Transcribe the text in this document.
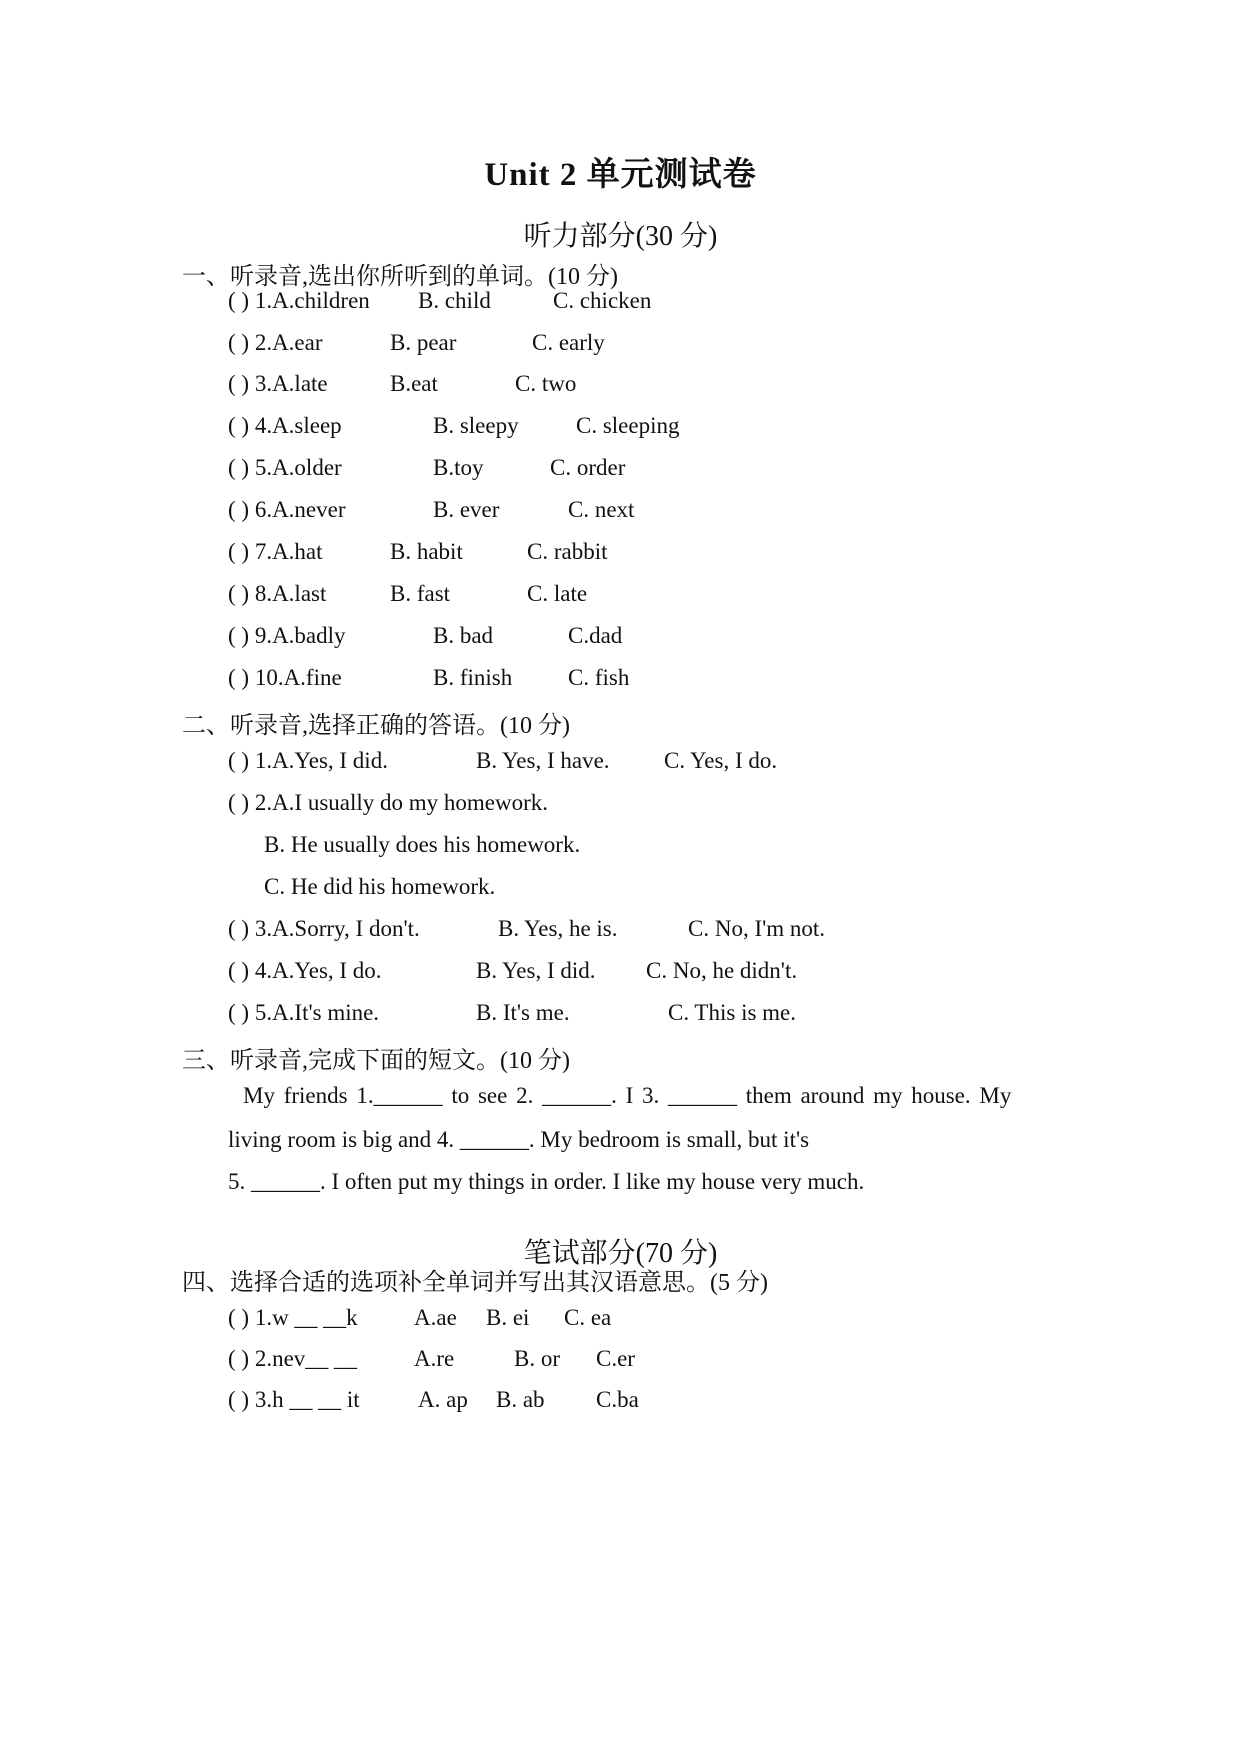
Unit 2 单元测试卷
听力部分(30 分)
一、听录音,选出你所听到的单词。(10 分)
( ) 1.A.children B. child	C. chicken
( ) 2.A.ear	B. pear	C. early
( ) 3.A.late	B.eat	C. two
( ) 4.A.sleep	B. sleepy C. sleeping
( ) 5.A.older	B.toy	C. order
( ) 6.A.never	B. ever	C. next
( ) 7.A.hat	B. habit	C. rabbit
( ) 8.A.last	B. fast	C. late
( ) 9.A.badly	B. bad	C.dad
( ) 10.A.fine	B. finish C. fish
二、听录音,选择正确的答语。(10 分)
( ) 1.A.Yes, I did.	B. Yes, I have. C. Yes, I do.
( ) 2.A.I usually do my homework.
B. He usually does his homework.
C. He did his homework.
( ) 3.A.Sorry, I don't.	B. Yes, he is.	C. No, I'm not.
( ) 4.A.Yes, I do.	B. Yes, I did. C. No, he didn't.
( ) 5.A.It's mine.	B. It's me.	C. This is me.
三、听录音,完成下面的短文。(10 分)
My friends 1.______ to see 2. ______. I 3. ______ them around my house. My
living room is big and 4. ______. My bedroom is small, but it's
5. ______. I often put my things in order. I like my house very much.
笔试部分(70 分)
四、选择合适的选项补全单词并写出其汉语意思。(5 分)
( ) 1.w __ __k A.ae B. ei C. ea
( ) 2.nev__ __ A.re	B. or C.er
( ) 3.h __ __ it	A. ap B. ab C.ba
